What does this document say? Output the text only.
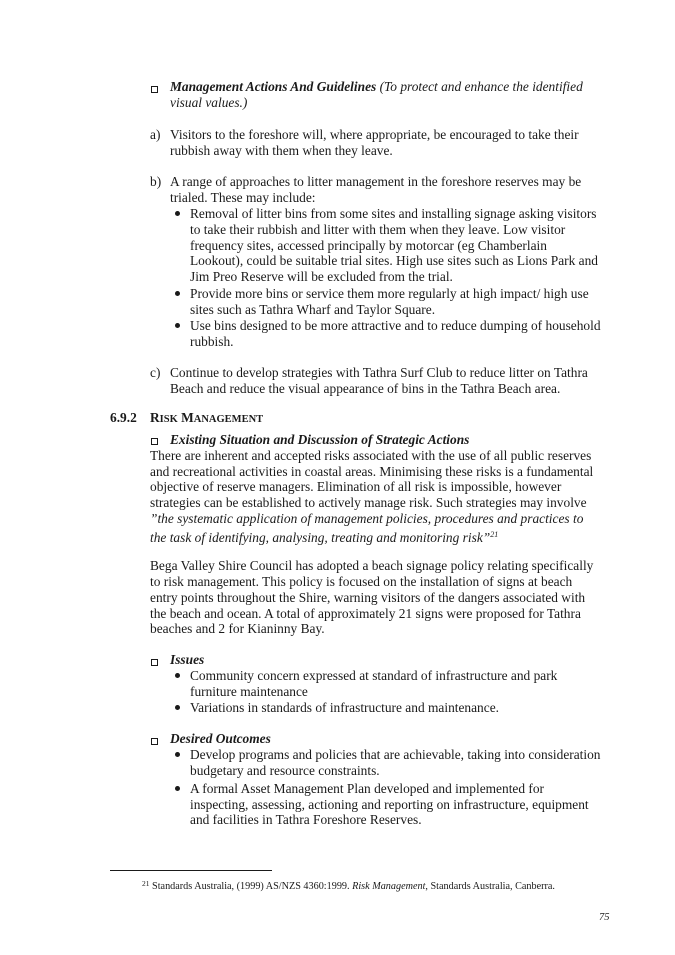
Management Actions And Guidelines (To protect and enhance the identified
visual values.)
a) Visitors to the foreshore will, where appropriate, be encouraged to take their
rubbish away with them when they leave.
b) A range of approaches to litter management in the foreshore reserves may be
trialed. These may include:
Removal of litter bins from some sites and installing signage asking visitors
to take their rubbish and litter with them when they leave. Low visitor
frequency sites, accessed principally by motorcar (eg Chamberlain
Lookout), could be suitable trial sites. High use sites such as Lions Park and
Jim Preo Reserve will be excluded from the trial.
Provide more bins or service them more regularly at high impact/ high use
sites such as Tathra Wharf and Taylor Square.
Use bins designed to be more attractive and to reduce dumping of household
rubbish.
c) Continue to develop strategies with Tathra Surf Club to reduce litter on Tathra
Beach and reduce the visual appearance of bins in the Tathra Beach area.
6.9.2 RISK MANAGEMENT
Existing Situation and Discussion of Strategic Actions
There are inherent and accepted risks associated with the use of all public reserves
and recreational activities in coastal areas. Minimising these risks is a fundamental
objective of reserve managers. Elimination of all risk is impossible, however
strategies can be established to actively manage risk. Such strategies may involve
”the systematic application of management policies, procedures and practices to
the task of identifying, analysing, treating and monitoring risk”$^{21}$
Bega Valley Shire Council has adopted a beach signage policy relating specifically
to risk management. This policy is focused on the installation of signs at beach
entry points throughout the Shire, warning visitors of the dangers associated with
the beach and ocean. A total of approximately 21 signs were proposed for Tathra
beaches and 2 for Kianinny Bay.
Issues
Community concern expressed at standard of infrastructure and park
furniture maintenance
Variations in standards of infrastructure and maintenance.
Desired Outcomes
Develop programs and policies that are achievable, taking into consideration
budgetary and resource constraints.
A formal Asset Management Plan developed and implemented for
inspecting, assessing, actioning and reporting on infrastructure, equipment
and facilities in Tathra Foreshore Reserves.
$^{21}$ Standards Australia, (1999) AS/NZS 4360:1999. Risk Management, Standards Australia, Canberra.
75
